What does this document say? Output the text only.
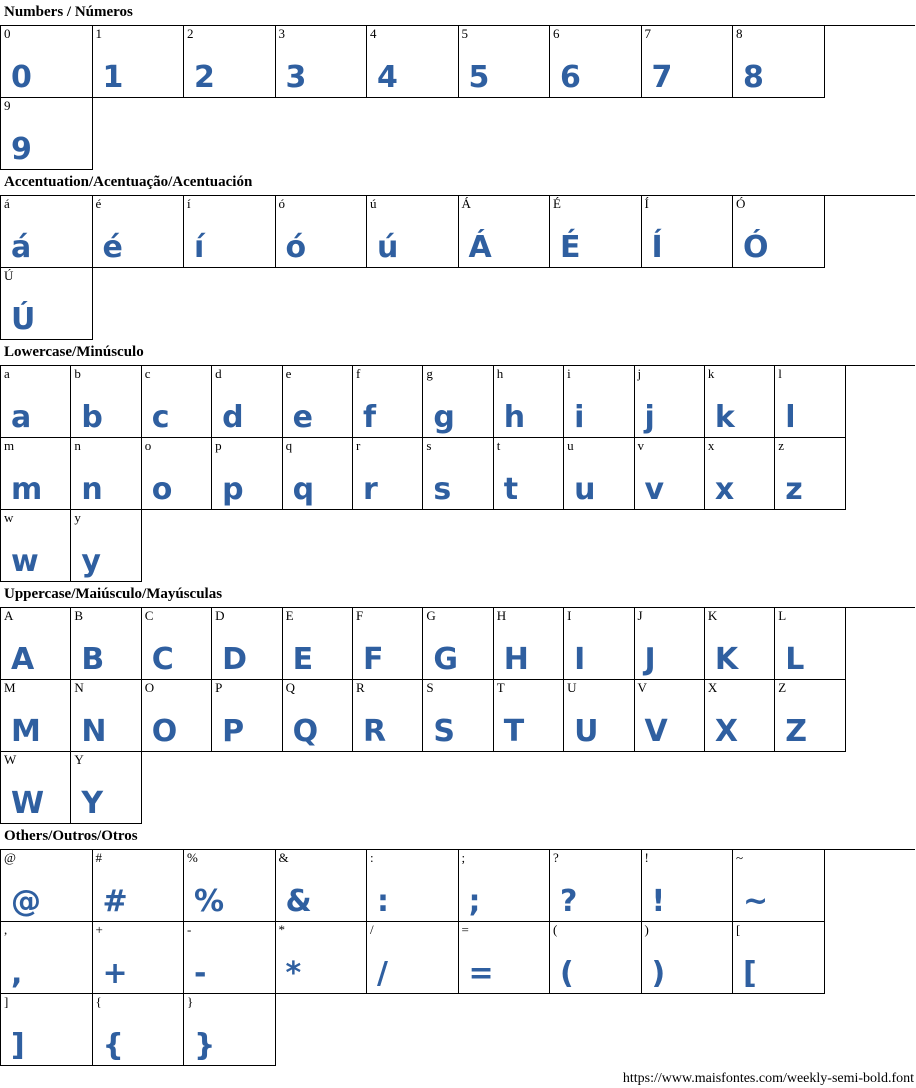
Numbers / Números
0
0
1
1
2
2
3
3
4
4
5
5
6
6
7
7
8
8
9
9
Accentuation/Acentuação/Acentuación
á
á
é
é
í
í
ó
ó
ú
ú
Á
Á
É
É
Í
Í
Ó
Ó
Ú
Ú
Lowercase/Minúsculo
a
a
b
b
c
c
d
d
e
e
f
f
g
g
h
h
i
i
j
j
k
k
l
l
m
m
n
n
o
o
p
p
q
q
r
r
s
s
t
t
u
u
v
v
x
x
z
z
w
w
y
y
Uppercase/Maiúsculo/Mayúsculas
A
A
B
B
C
C
D
D
E
E
F
F
G
G
H
H
I
I
J
J
K
K
L
L
M
M
N
N
O
O
P
P
Q
Q
R
R
S
S
T
T
U
U
V
V
X
X
Z
Z
W
W
Y
Y
Others/Outros/Otros
@
@
#
#
%
%
&
&
:
:
;
;
?
?
!
!
~
~
,
,
+
+
-
-
*
*
/
/
=
=
(
(
)
)
[
[
]
]
{
{
}
}
https://www.maisfontes.com/weekly-semi-bold.font
